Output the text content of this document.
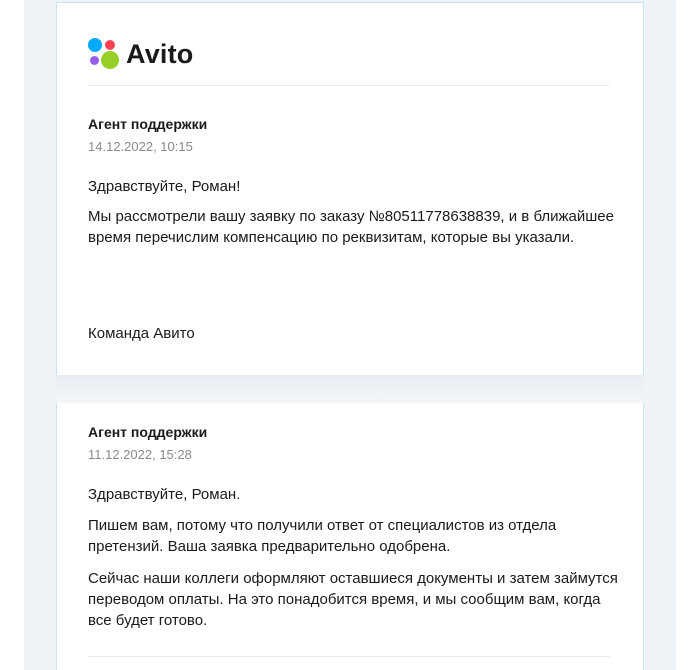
Avito

Агент поддержки

14.12.2022, 10:15

Здравствуйте, Роман!

Мы рассмотрели вашу заявку по заказу №80511778638839, и в ближайшее время перечислим компенсацию по реквизитам, которые вы указали.

Команда Авито

Агент поддержки

11.12.2022, 15:28

Здравствуйте, Роман.

Пишем вам, потому что получили ответ от специалистов из отдела претензий. Ваша заявка предварительно одобрена.

Сейчас наши коллеги оформляют оставшиеся документы и затем займутся переводом оплаты. На это понадобится время, и мы сообщим вам, когда все будет готово.
